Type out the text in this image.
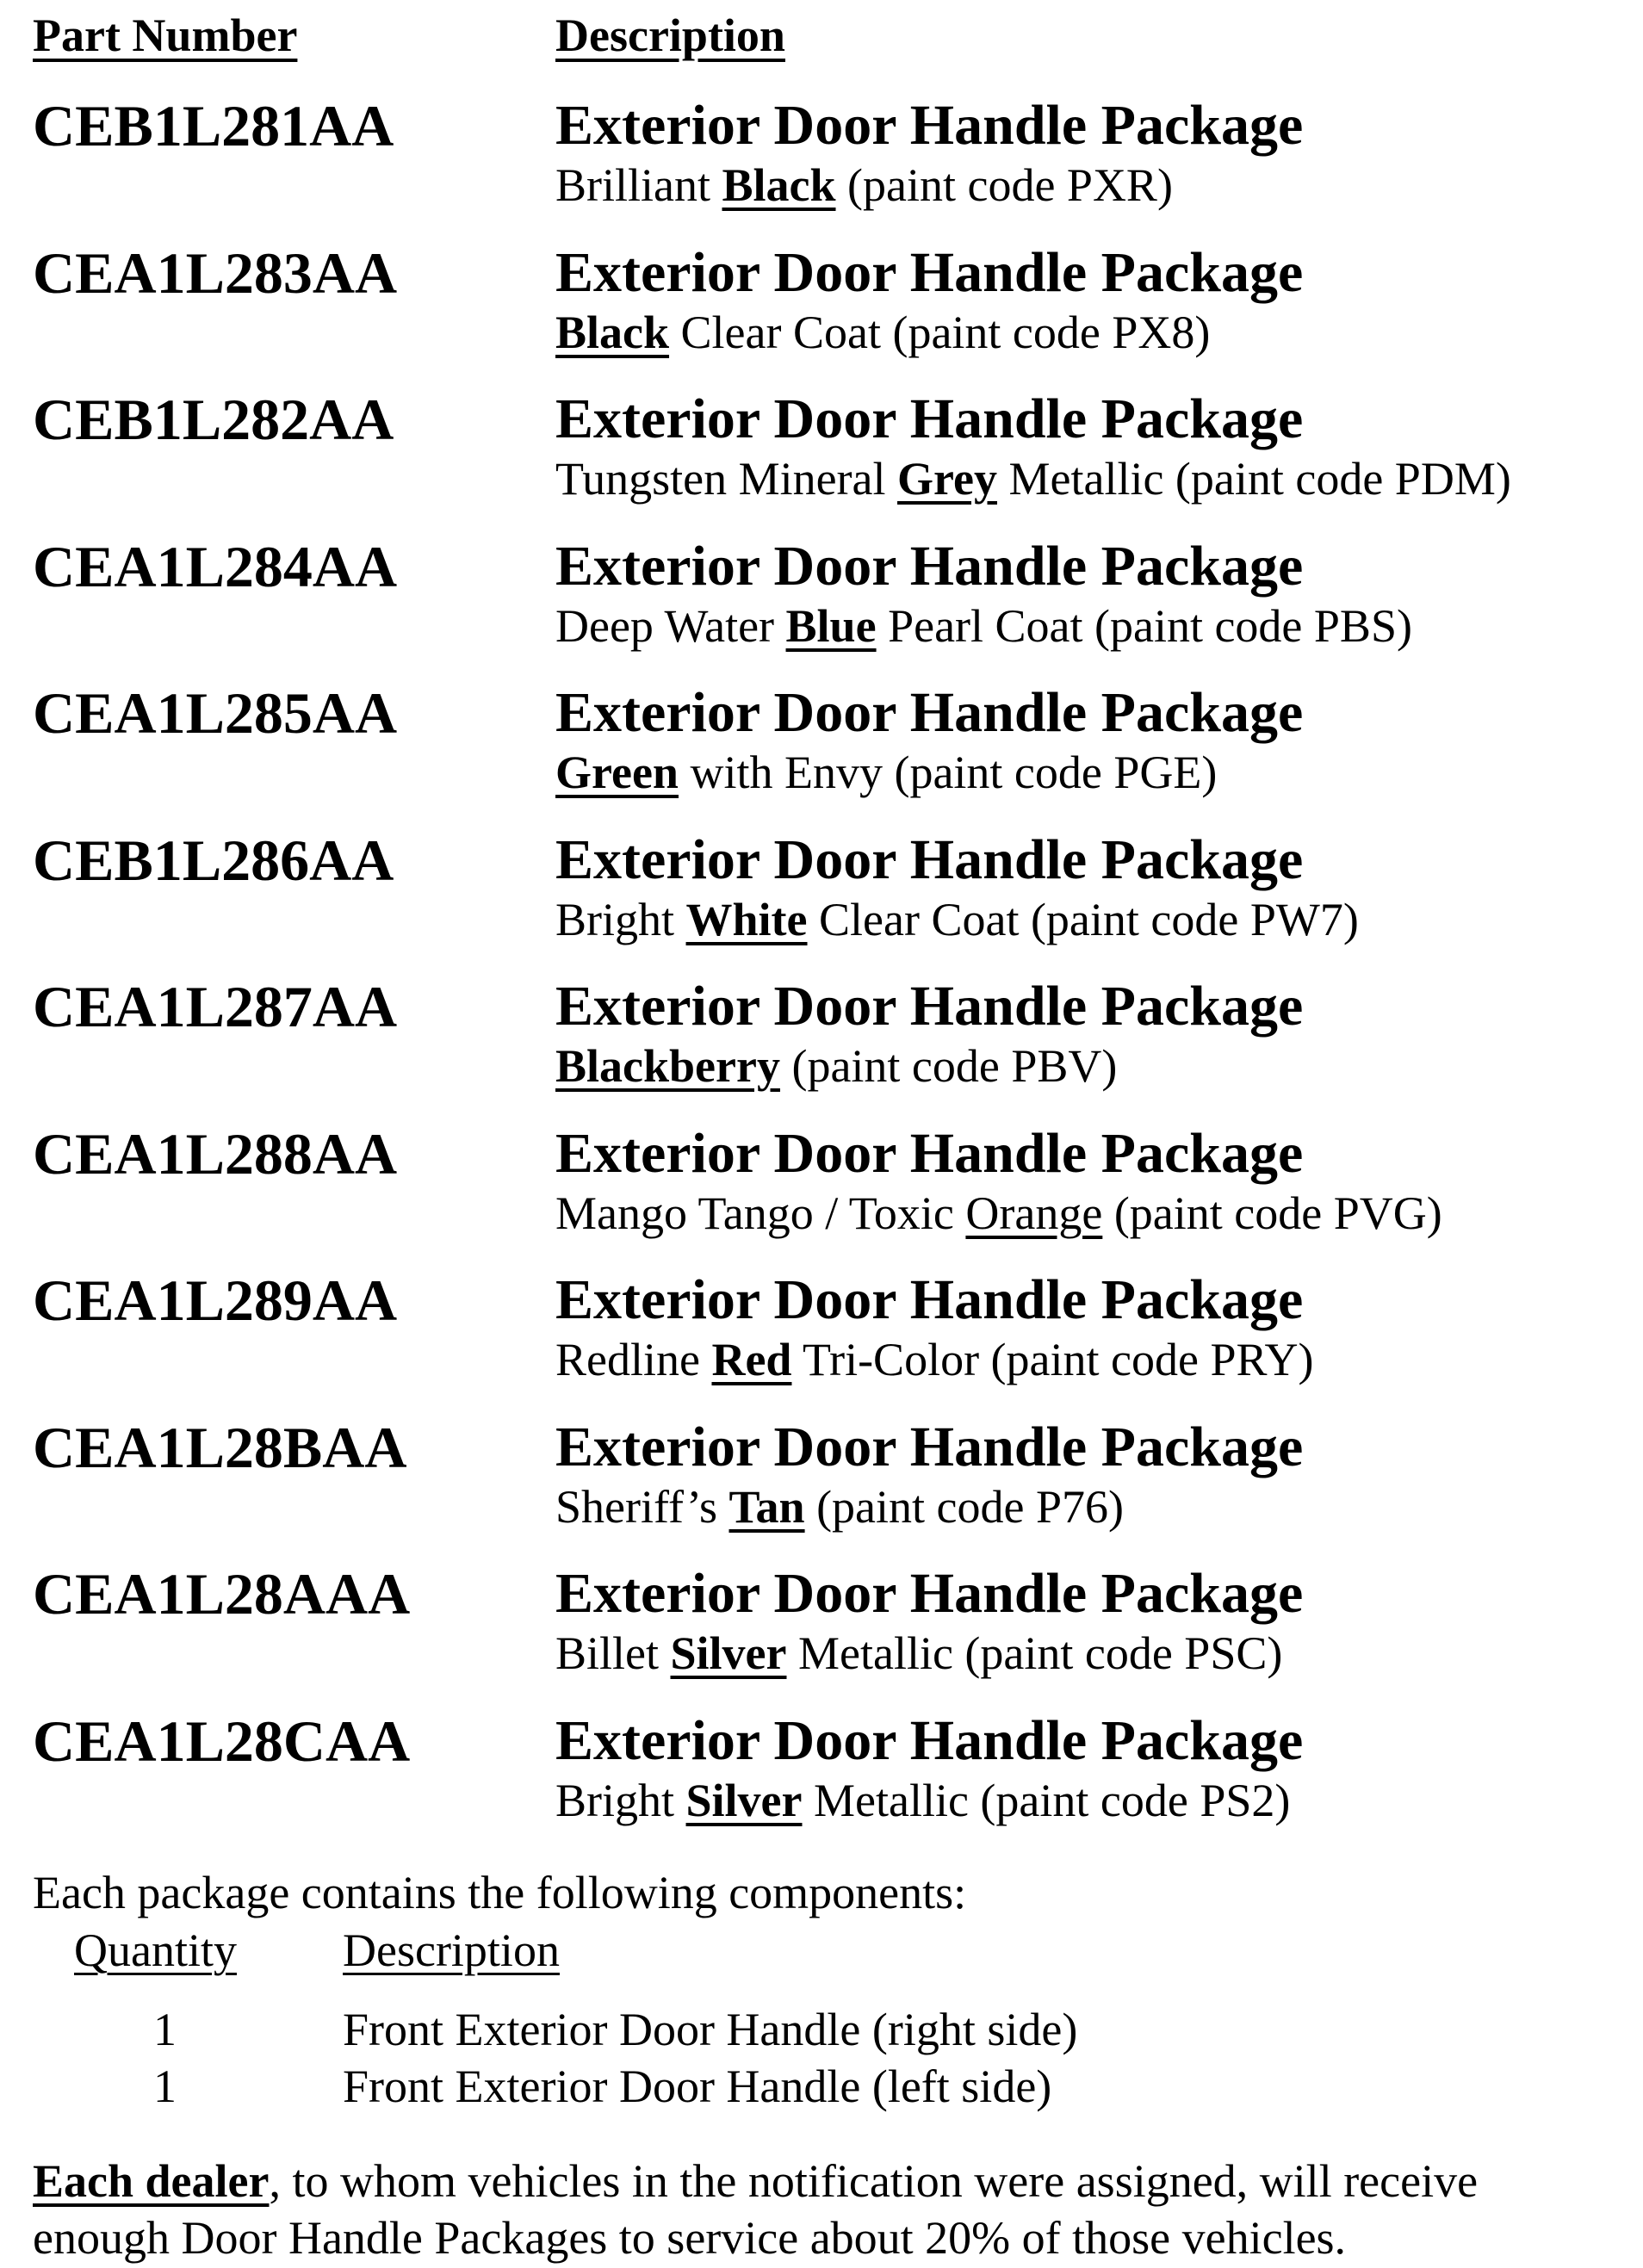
Part Number	Description
CEB1L281AA	Exterior Door Handle Package
Brilliant Black (paint code PXR)
CEA1L283AA	Exterior Door Handle Package
Black Clear Coat (paint code PX8)
CEB1L282AA	Exterior Door Handle Package
Tungsten Mineral Grey Metallic (paint code PDM)
CEA1L284AA	Exterior Door Handle Package
Deep Water Blue Pearl Coat (paint code PBS)
CEA1L285AA	Exterior Door Handle Package
Green with Envy (paint code PGE)
CEB1L286AA	Exterior Door Handle Package
Bright White Clear Coat (paint code PW7)
CEA1L287AA	Exterior Door Handle Package
Blackberry (paint code PBV)
CEA1L288AA	Exterior Door Handle Package
Mango Tango / Toxic Orange (paint code PVG)
CEA1L289AA	Exterior Door Handle Package
Redline Red Tri-Color (paint code PRY)
CEA1L28BAA	Exterior Door Handle Package
Sheriff’s Tan (paint code P76)
CEA1L28AAA	Exterior Door Handle Package
Billet Silver Metallic (paint code PSC)
CEA1L28CAA	Exterior Door Handle Package
Bright Silver Metallic (paint code PS2)
Each package contains the following components:
Quantity Description
1	Front Exterior Door Handle (right side)
1	Front Exterior Door Handle (left side)
Each dealer, to whom vehicles in the notification were assigned, will receive enough Door Handle Packages to service about 20% of those vehicles.
